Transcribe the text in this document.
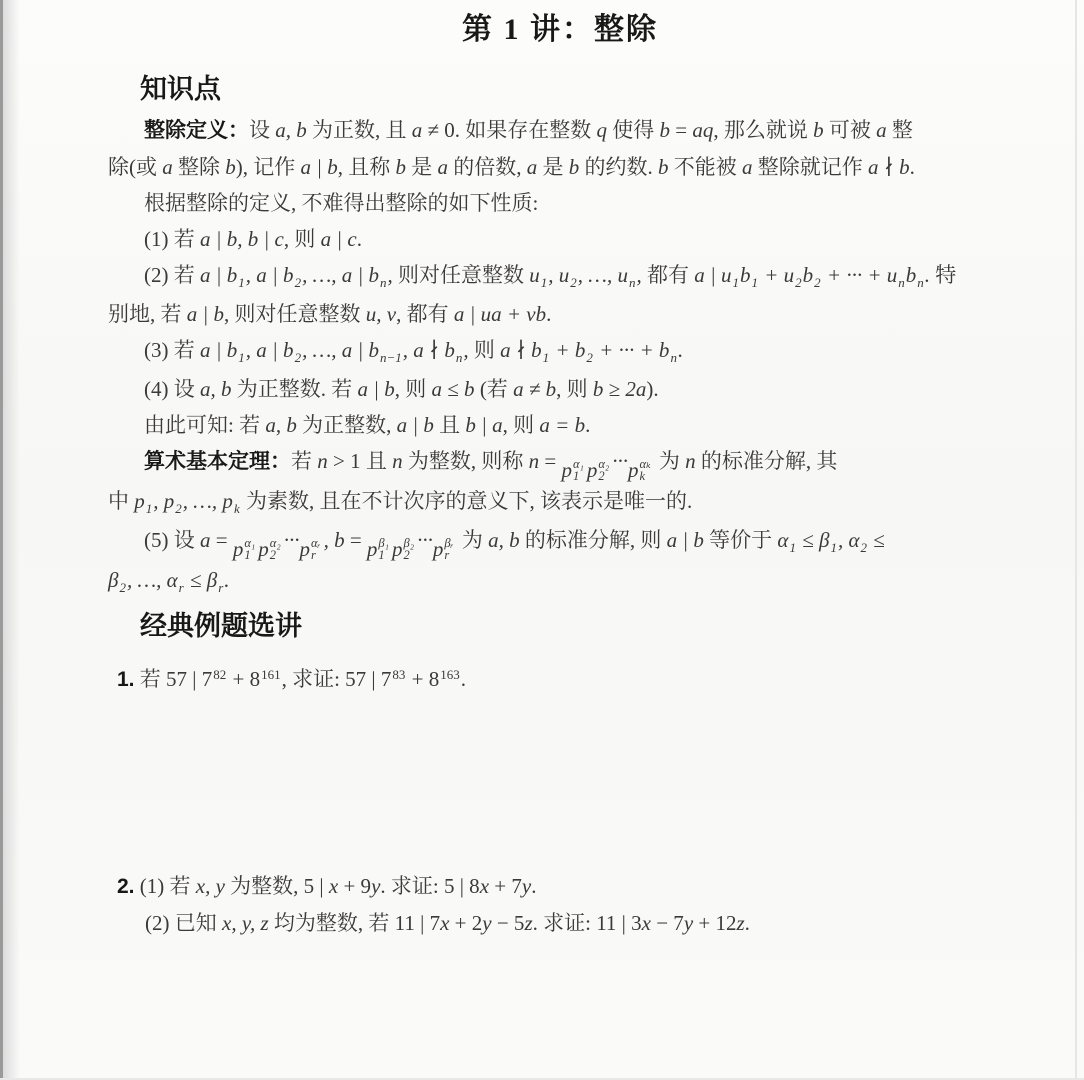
第 1 讲：整除
知识点
整除定义：设 a, b 为正数, 且 a ≠ 0. 如果存在整数 q 使得 b = aq, 那么就说 b 可被 a 整
除(或 a 整除 b), 记作 a | b, 且称 b 是 a 的倍数, a 是 b 的约数. b 不能被 a 整除就记作 a ∤ b.
根据整除的定义, 不难得出整除的如下性质:
(1) 若 a | b, b | c, 则 a | c.
(2) 若 a | $b_1$, a | $b_2$, …, a | $b_n$, 则对任意整数 $u_1$, $u_2$, …, $u_n$, 都有 a | $u_1b_1 + u_2b_2$ + ··· + $u_nb_n$. 特
别地, 若 a | b, 则对任意整数 u, v, 都有 a | ua + vb.
(3) 若 a | $b_1$, a | $b_2$, …, a | $b_{n-1}$, a ∤ $b_n$, 则 a ∤ $b_1 + b_2$ + ··· + $b_n$.
(4) 设 a, b 为正整数. 若 a | b, 则 a ≤ b (若 a ≠ b, 则 b ≥ 2a).
由此可知: 若 a, b 为正整数, a | b 且 b | a, 则 a = b.
算术基本定理：若 n > 1 且 n 为整数, 则称 n = p α₁
1 p α₂
2
··· p αₖ
k
为 n 的标准分解, 其
中 $p_1$, $p_2$, …, $p_k$ 为素数, 且在不计次序的意义下, 该表示是唯一的.
(5) 设 a = p α₁
1 p α₂
2
··· p αᵣ
r
, b = p β₁
1 p β₂
2
··· p βᵣ
r
为 a, b 的标准分解, 则 a | b 等价于 $\alpha_1 \le \beta_1$, $\alpha_2$ ≤
$\beta_2$, …, $\alpha_r \le \beta_r$.
经典例题选讲
1. 若 57 | $7^{82} + 8^{161}$, 求证: 57 | $7^{83} + 8^{163}$.
2. (1) 若 x, y 为整数, 5 | x + 9y. 求证: 5 | 8x + 7y.
(2) 已知 x, y, z 均为整数, 若 11 | 7x + 2y − 5z. 求证: 11 | 3x − 7y + 12z.
